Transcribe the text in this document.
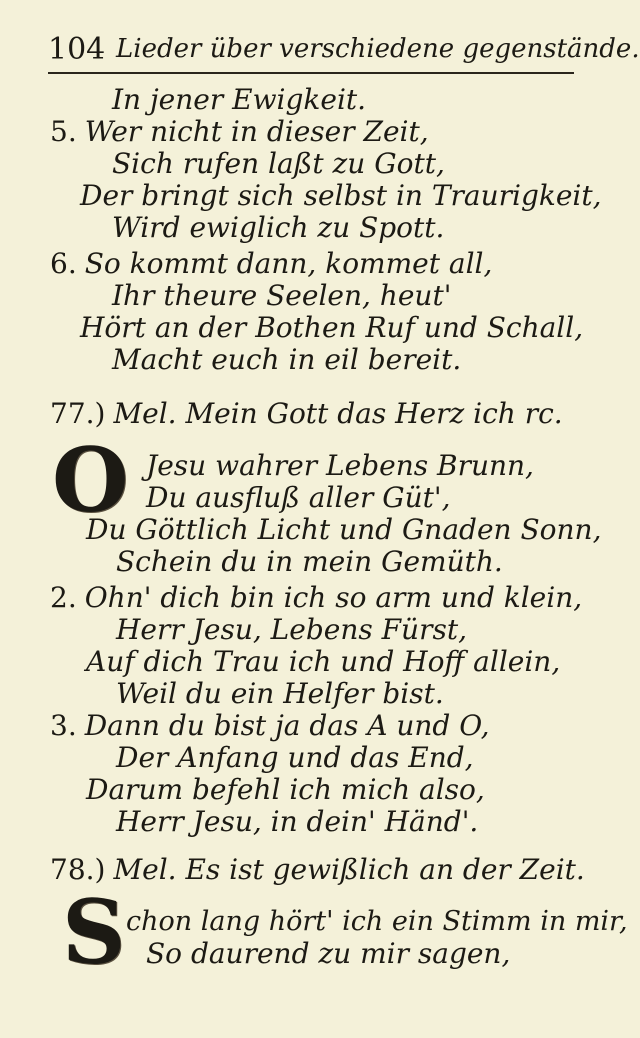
104 Lieder über verschiedene gegenstände.
In jener Ewigkeit.
5. Wer nicht in dieser Zeit,
Sich rufen laßt zu Gott,
Der bringt sich selbst in Traurigkeit,
Wird ewiglich zu Spott.
6. So kommt dann, kommet all,
Ihr theure Seelen, heut'
Hört an der Bothen Ruf und Schall,
Macht euch in eil bereit.
77.) Mel. Mein Gott das Herz ich rc.
O Jesu wahrer Lebens Brunn,
Du ausfluß aller Güt',
Du Göttlich Licht und Gnaden Sonn,
Schein du in mein Gemüth.
2. Ohn' dich bin ich so arm und klein,
Herr Jesu, Lebens Fürst,
Auf dich Trau ich und Hoff allein,
Weil du ein Helfer bist.
3. Dann du bist ja das A und O,
Der Anfang und das End,
Darum befehl ich mich also,
Herr Jesu, in dein' Händ'.
78.) Mel. Es ist gewißlich an der Zeit.
S chon lang hört' ich ein Stimm in mir,
So daurend zu mir sagen,
